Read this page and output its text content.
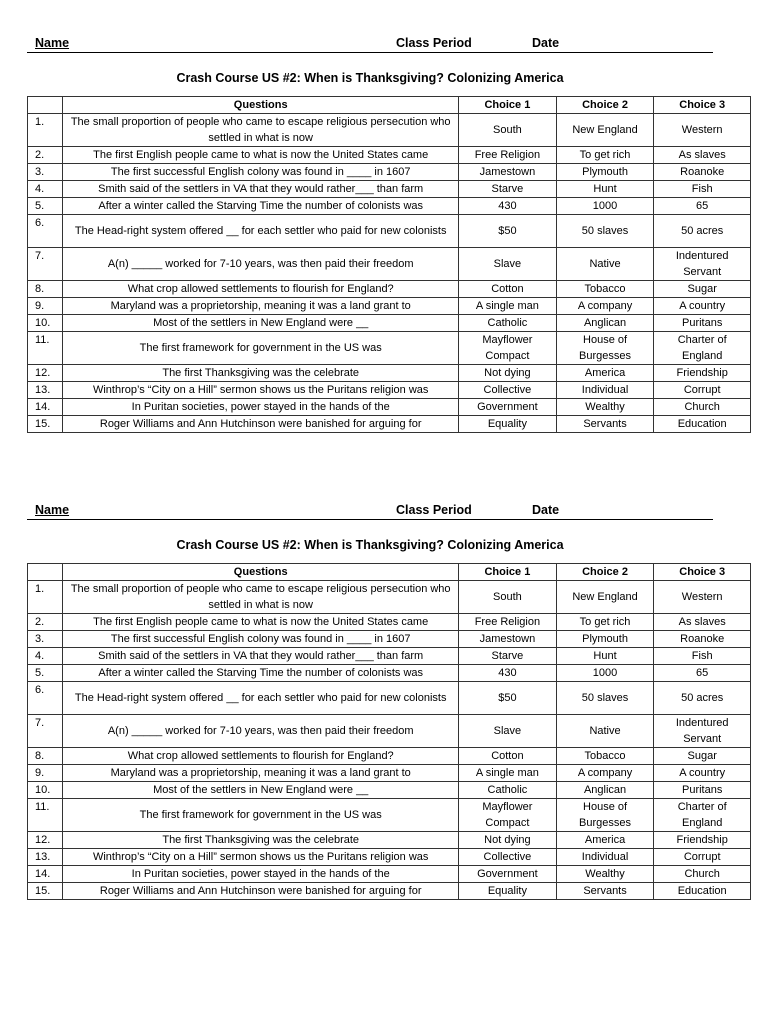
Name	Class Period	Date
Crash Course US #2: When is Thanksgiving? Colonizing America
	Questions	Choice 1	Choice 2	Choice 3
1.	The small proportion of people who came to escape religious persecution who settled in what is now	South	New England	Western
2.	The first English people came to what is now the United States came	Free Religion	To get rich	As slaves
3.	The first successful English colony was found in ____ in 1607	Jamestown	Plymouth	Roanoke
4.	Smith said of the settlers in VA that they would rather___ than farm	Starve	Hunt	Fish
5.	After a winter called the Starving Time the number of colonists was	430	1000	65
6.	The Head-right system offered __ for each settler who paid for new colonists	$50	50 slaves	50 acres
7.	A(n) _____ worked for 7-10 years, was then paid their freedom	Slave	Native	Indentured Servant
8.	What crop allowed settlements to flourish for England?	Cotton	Tobacco	Sugar
9.	Maryland was a proprietorship, meaning it was a land grant to	A single man	A company	A country
10.	Most of the settlers in New England were __	Catholic	Anglican	Puritans
11.	The first framework for government in the US was	Mayflower Compact	House of Burgesses	Charter of England
12.	The first Thanksgiving was the celebrate	Not dying	America	Friendship
13.	Winthrop’s “City on a Hill” sermon shows us the Puritans religion was	Collective	Individual	Corrupt
14.	In Puritan societies, power stayed in the hands of the	Government	Wealthy	Church
15.	Roger Williams and Ann Hutchinson were banished for arguing for	Equality	Servants	Education
Name	Class Period	Date
Crash Course US #2: When is Thanksgiving? Colonizing America
	Questions	Choice 1	Choice 2	Choice 3
1.	The small proportion of people who came to escape religious persecution who settled in what is now	South	New England	Western
2.	The first English people came to what is now the United States came	Free Religion	To get rich	As slaves
3.	The first successful English colony was found in ____ in 1607	Jamestown	Plymouth	Roanoke
4.	Smith said of the settlers in VA that they would rather___ than farm	Starve	Hunt	Fish
5.	After a winter called the Starving Time the number of colonists was	430	1000	65
6.	The Head-right system offered __ for each settler who paid for new colonists	$50	50 slaves	50 acres
7.	A(n) _____ worked for 7-10 years, was then paid their freedom	Slave	Native	Indentured Servant
8.	What crop allowed settlements to flourish for England?	Cotton	Tobacco	Sugar
9.	Maryland was a proprietorship, meaning it was a land grant to	A single man	A company	A country
10.	Most of the settlers in New England were __	Catholic	Anglican	Puritans
11.	The first framework for government in the US was	Mayflower Compact	House of Burgesses	Charter of England
12.	The first Thanksgiving was the celebrate	Not dying	America	Friendship
13.	Winthrop’s “City on a Hill” sermon shows us the Puritans religion was	Collective	Individual	Corrupt
14.	In Puritan societies, power stayed in the hands of the	Government	Wealthy	Church
15.	Roger Williams and Ann Hutchinson were banished for arguing for	Equality	Servants	Education
